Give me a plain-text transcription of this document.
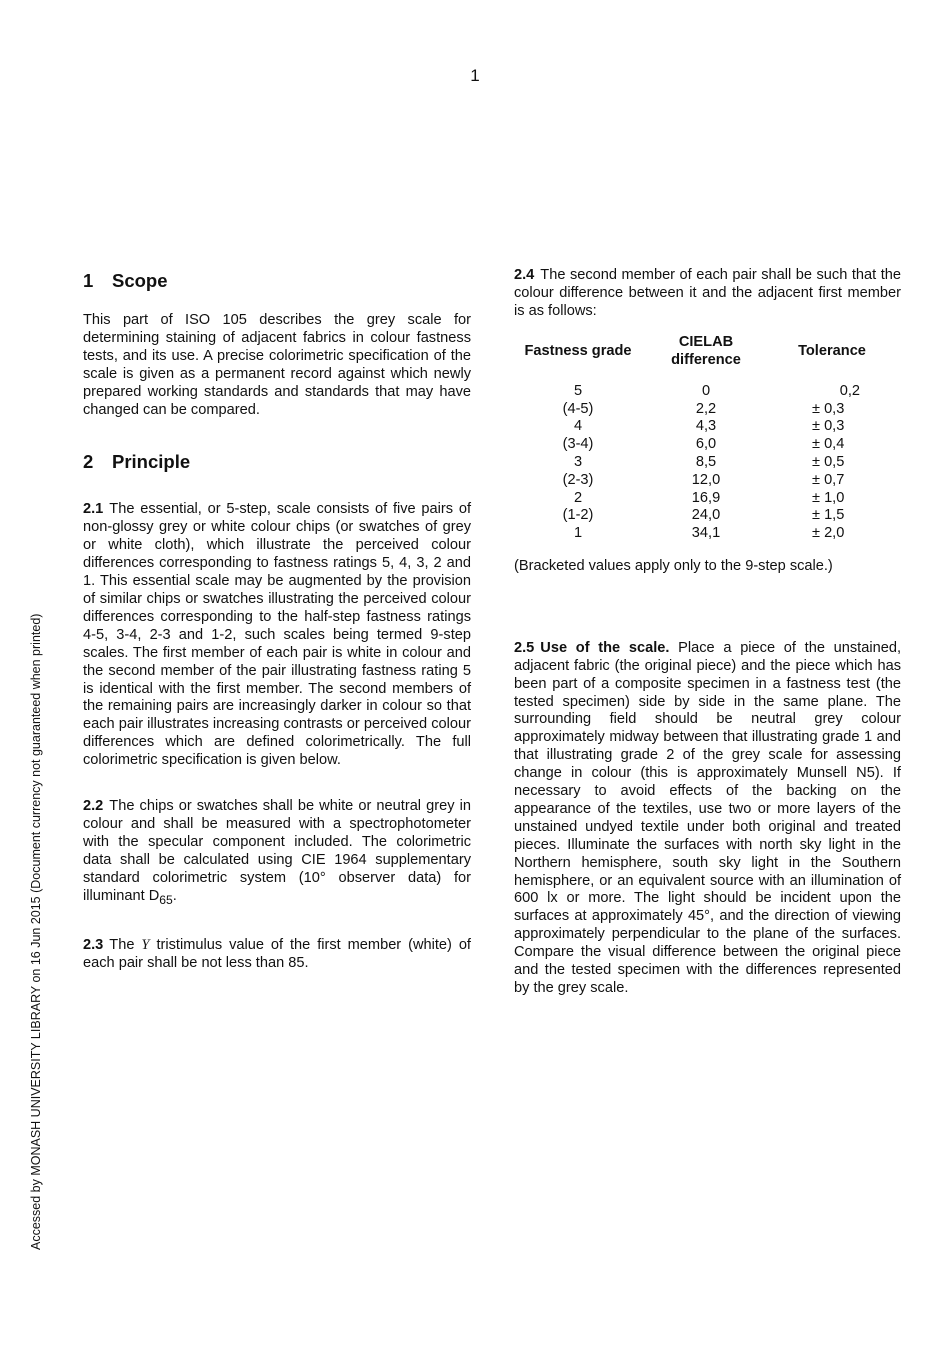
1
Accessed by MONASH UNIVERSITY LIBRARY on 16 Jun 2015 (Document currency not guaranteed when printed)
1 Scope

This part of ISO 105 describes the grey scale for determining staining of adjacent fabrics in colour fastness tests, and its use. A precise colorimetric specification of the scale is given as a permanent record against which newly prepared working standards and standards that may have changed can be compared.

2 Principle

2.1 The essential, or 5-step, scale consists of five pairs of non-glossy grey or white colour chips (or swatches of grey or white cloth), which illustrate the perceived colour differences corresponding to fastness ratings 5, 4, 3, 2 and 1. This essential scale may be augmented by the provision of similar chips or swatches illustrating the perceived colour differences corresponding to the half-step fastness ratings 4-5, 3-4, 2-3 and 1-2, such scales being termed 9-step scales. The first member of each pair is white in colour and the second member of the pair illustrating fastness rating 5 is identical with the first member. The second members of the remaining pairs are increasingly darker in colour so that each pair illustrates increasing contrasts or perceived colour differences which are defined colorimetrically. The full colorimetric specification is given below.

2.2 The chips or swatches shall be white or neutral grey in colour and shall be measured with a spectrophotometer with the specular component included. The colorimetric data shall be calculated using CIE 1964 supplementary standard colorimetric system (10° observer data) for illuminant $D_{65}$.

2.3 The Y tristimulus value of the first member (white) of each pair shall be not less than 85.

2.4 The second member of each pair shall be such that the colour difference between it and the adjacent first member is as follows:

Fastness grade	CIELAB difference	Tolerance
5	0	0,2
(4-5)	2,2	± 0,3
4	4,3	± 0,3
(3-4)	6,0	± 0,4
3	8,5	± 0,5
(2-3)	12,0	± 0,7
2	16,9	± 1,0
(1-2)	24,0	± 1,5
1	34,1	± 2,0

(Bracketed values apply only to the 9-step scale.)

2.5 Use of the scale. Place a piece of the unstained, adjacent fabric (the original piece) and the piece which has been part of a composite specimen in a fastness test (the tested specimen) side by side in the same plane. The surrounding field should be neutral grey colour approximately midway between that illustrating grade 1 and that illustrating grade 2 of the grey scale for assessing change in colour (this is approximately Munsell N5). If necessary to avoid effects of the backing on the appearance of the textiles, use two or more layers of the unstained undyed textile under both original and treated pieces. Illuminate the surfaces with north sky light in the Northern hemisphere, south sky light in the Southern hemisphere, or an equivalent source with an illumination of 600 lx or more. The light should be incident upon the surfaces at approximately 45°, and the direction of viewing approximately perpendicular to the plane of the surfaces. Compare the visual difference between the original piece and the tested specimen with the differences represented by the grey scale.
